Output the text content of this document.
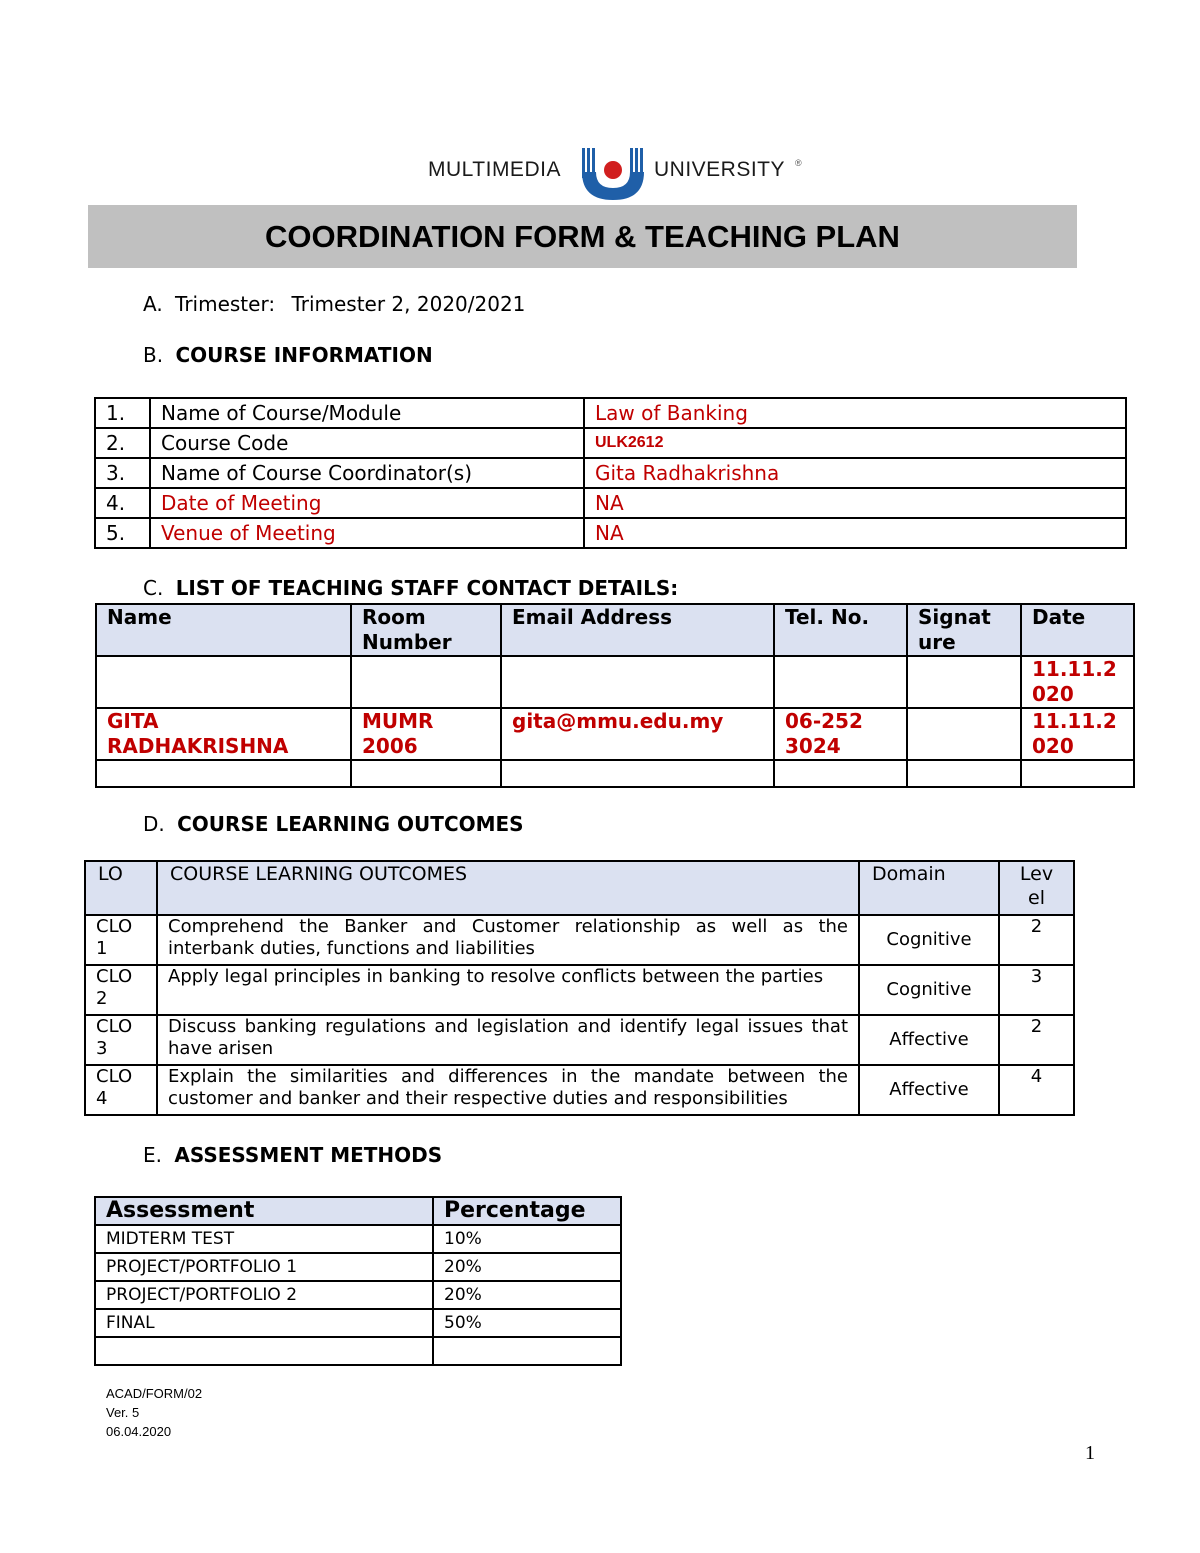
MULTIMEDIA	UNIVERSITY ®
COORDINATION FORM & TEACHING PLAN
A. Trimester: Trimester 2, 2020/2021
B. COURSE INFORMATION
1.	Name of Course/Module	Law of Banking
2.	Course Code	ULK2612
3.	Name of Course Coordinator(s)	Gita Radhakrishna
4.	Date of Meeting	NA
5.	Venue of Meeting	NA
C. LIST OF TEACHING STAFF CONTACT DETAILS:
Name	Room Number	Email Address	Tel. No.	Signat ure	Date
					11.11.2 020
GITA RADHAKRISHNA	MUMR 2006	gita@mmu.edu.my	06-252 3024		11.11.2 020

D. COURSE LEARNING OUTCOMES
LO	COURSE LEARNING OUTCOMES	Domain	Lev el
CLO 1	Comprehend the Banker and Customer relationship as well as the interbank duties, functions and liabilities	Cognitive	2
CLO 2	Apply legal principles in banking to resolve conflicts between the parties	Cognitive	3
CLO 3	Discuss banking regulations and legislation and identify legal issues that have arisen	Affective	2
CLO 4	Explain the similarities and differences in the mandate between the customer and banker and their respective duties and responsibilities	Affective	4
E. ASSESSMENT METHODS
Assessment	Percentage
MIDTERM TEST	10%
PROJECT/PORTFOLIO 1	20%
PROJECT/PORTFOLIO 2	20%
FINAL	50%

ACAD/FORM/02
Ver. 5
06.04.2020
1
